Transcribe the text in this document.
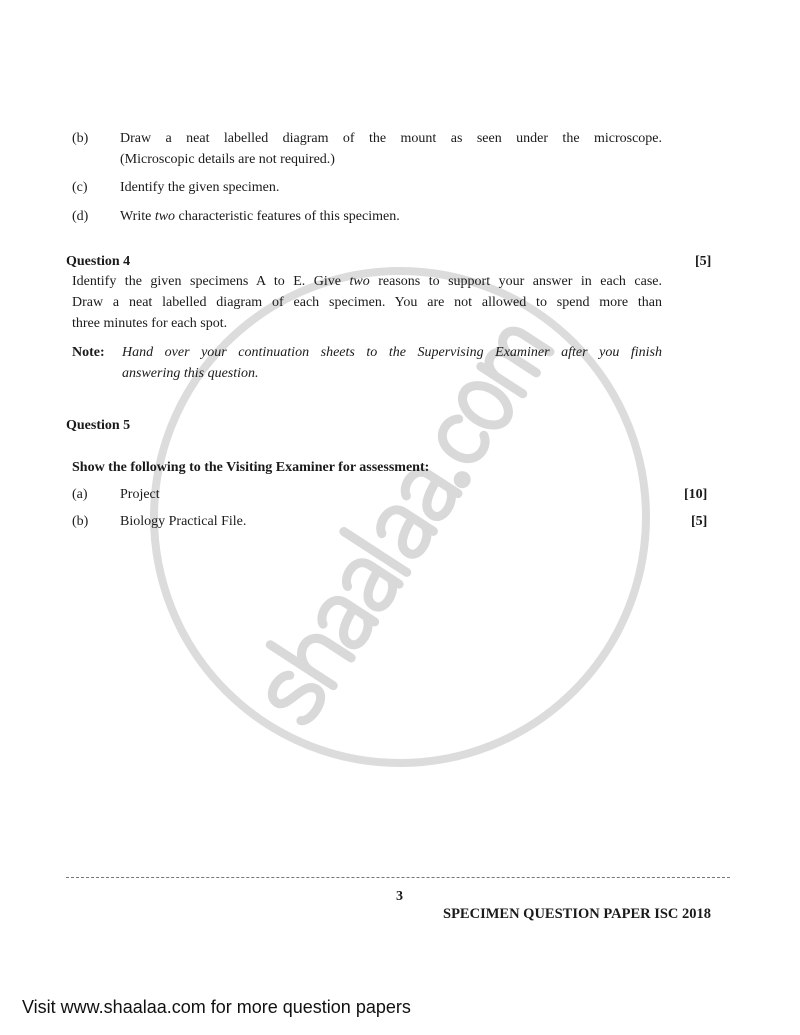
(b) Draw a neat labelled diagram of the mount as seen under the microscope.
(Microscopic details are not required.)
(c) Identify the given specimen.
(d) Write two characteristic features of this specimen.
Question 4	[5]
Identify the given specimens A to E. Give two reasons to support your answer in each case.
Draw a neat labelled diagram of each specimen. You are not allowed to spend more than
three minutes for each spot.
Note: Hand over your continuation sheets to the Supervising Examiner after you finish
answering this question.
Question 5
Show the following to the Visiting Examiner for assessment:
(a) Project	[10]
(b) Biology Practical File.	[5]
3
SPECIMEN QUESTION PAPER ISC 2018
Visit www.shaalaa.com for more question papers
